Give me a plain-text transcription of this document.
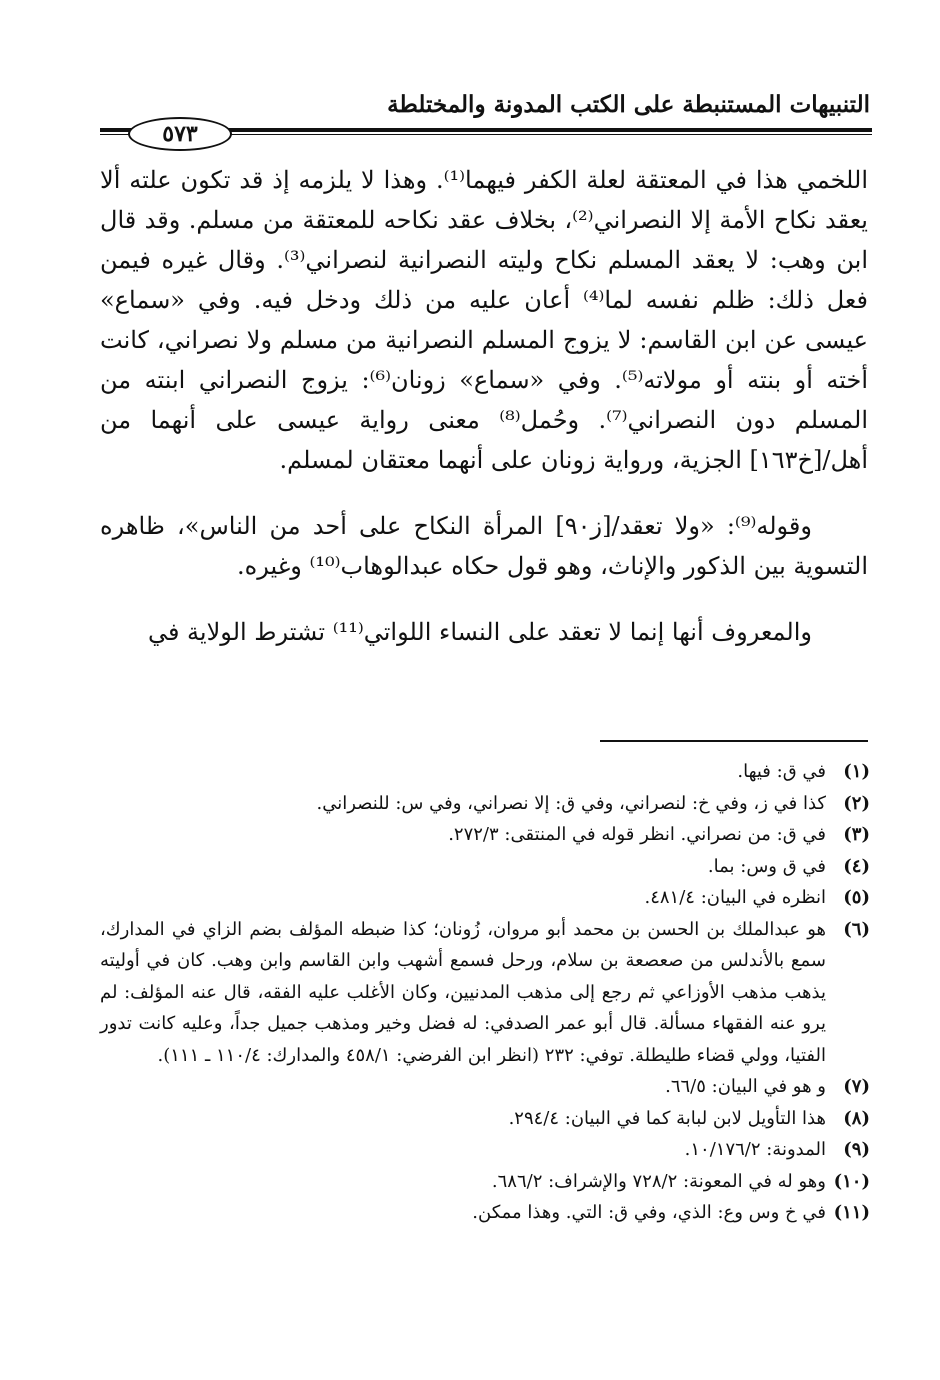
التنبيهات المستنبطة على الكتب المدونة والمختلطة
٥٧٣

اللخمي هذا في المعتقة لعلة الكفر فيهما⁽¹⁾. وهذا لا يلزمه إذ قد تكون علته ألا يعقد نكاح الأمة إلا النصراني⁽²⁾، بخلاف عقد نكاحه للمعتقة من مسلم. وقد قال ابن وهب: لا يعقد المسلم نكاح وليته النصرانية لنصراني⁽³⁾. وقال غيره فيمن فعل ذلك: ظلم نفسه لما⁽⁴⁾ أعان عليه من ذلك ودخل فيه. وفي «سماع» عيسى عن ابن القاسم: لا يزوج المسلم النصرانية من مسلم ولا نصراني، كانت أخته أو بنته أو مولاته⁽⁵⁾. وفي «سماع» زونان⁽⁶⁾: يزوج النصراني ابنته من المسلم دون النصراني⁽⁷⁾. وحُمل⁽⁸⁾ معنى رواية عيسى على أنهما من أهل/[خ١٦٣] الجزية، ورواية زونان على أنهما معتقان لمسلم.

وقوله⁽⁹⁾: «ولا تعقد/[ز٩٠] المرأة النكاح على أحد من الناس»، ظاهره التسوية بين الذكور والإناث، وهو قول حكاه عبدالوهاب⁽¹⁰⁾ وغيره.

والمعروف أنها إنما لا تعقد على النساء اللواتي⁽¹¹⁾ تشترط الولاية في

(١)
في ق: فيها.
(٢)
كذا في ز، وفي خ: لنصراني، وفي ق: إلا نصراني، وفي س: للنصراني.
(٣)
في ق: من نصراني. انظر قوله في المنتقى: ٢٧٢/٣.
(٤)
في ق وس: بما.
(٥)
انظره في البيان: ٤٨١/٤.
(٦)
هو عبدالملك بن الحسن بن محمد أبو مروان، زُونان؛ كذا ضبطه المؤلف بضم الزاي في المدارك، سمع بالأندلس من صعصعة بن سلام، ورحل فسمع أشهب وابن القاسم وابن وهب. كان في أوليته يذهب مذهب الأوزاعي ثم رجع إلى مذهب المدنيين، وكان الأغلب عليه الفقه، قال عنه المؤلف: لم يرو عنه الفقهاء مسألة. قال أبو عمر الصدفي: له فضل وخير ومذهب جميل جداً، وعليه كانت تدور الفتيا، وولي قضاء طليطلة. توفي: ٢٣٢ (انظر ابن الفرضي: ٤٥٨/١ والمدارك: ١١٠/٤ ـ ١١١).
(٧)
و هو في البيان: ٦٦/٥.
(٨)
هذا التأويل لابن لبابة كما في البيان: ٢٩٤/٤.
(٩)
المدونة: ١٠/١٧٦/٢.
(١٠)
وهو له في المعونة: ٧٢٨/٢ والإشراف: ٦٨٦/٢.
(١١)
في خ وس وع: الذي، وفي ق: التي. وهذا ممكن.
